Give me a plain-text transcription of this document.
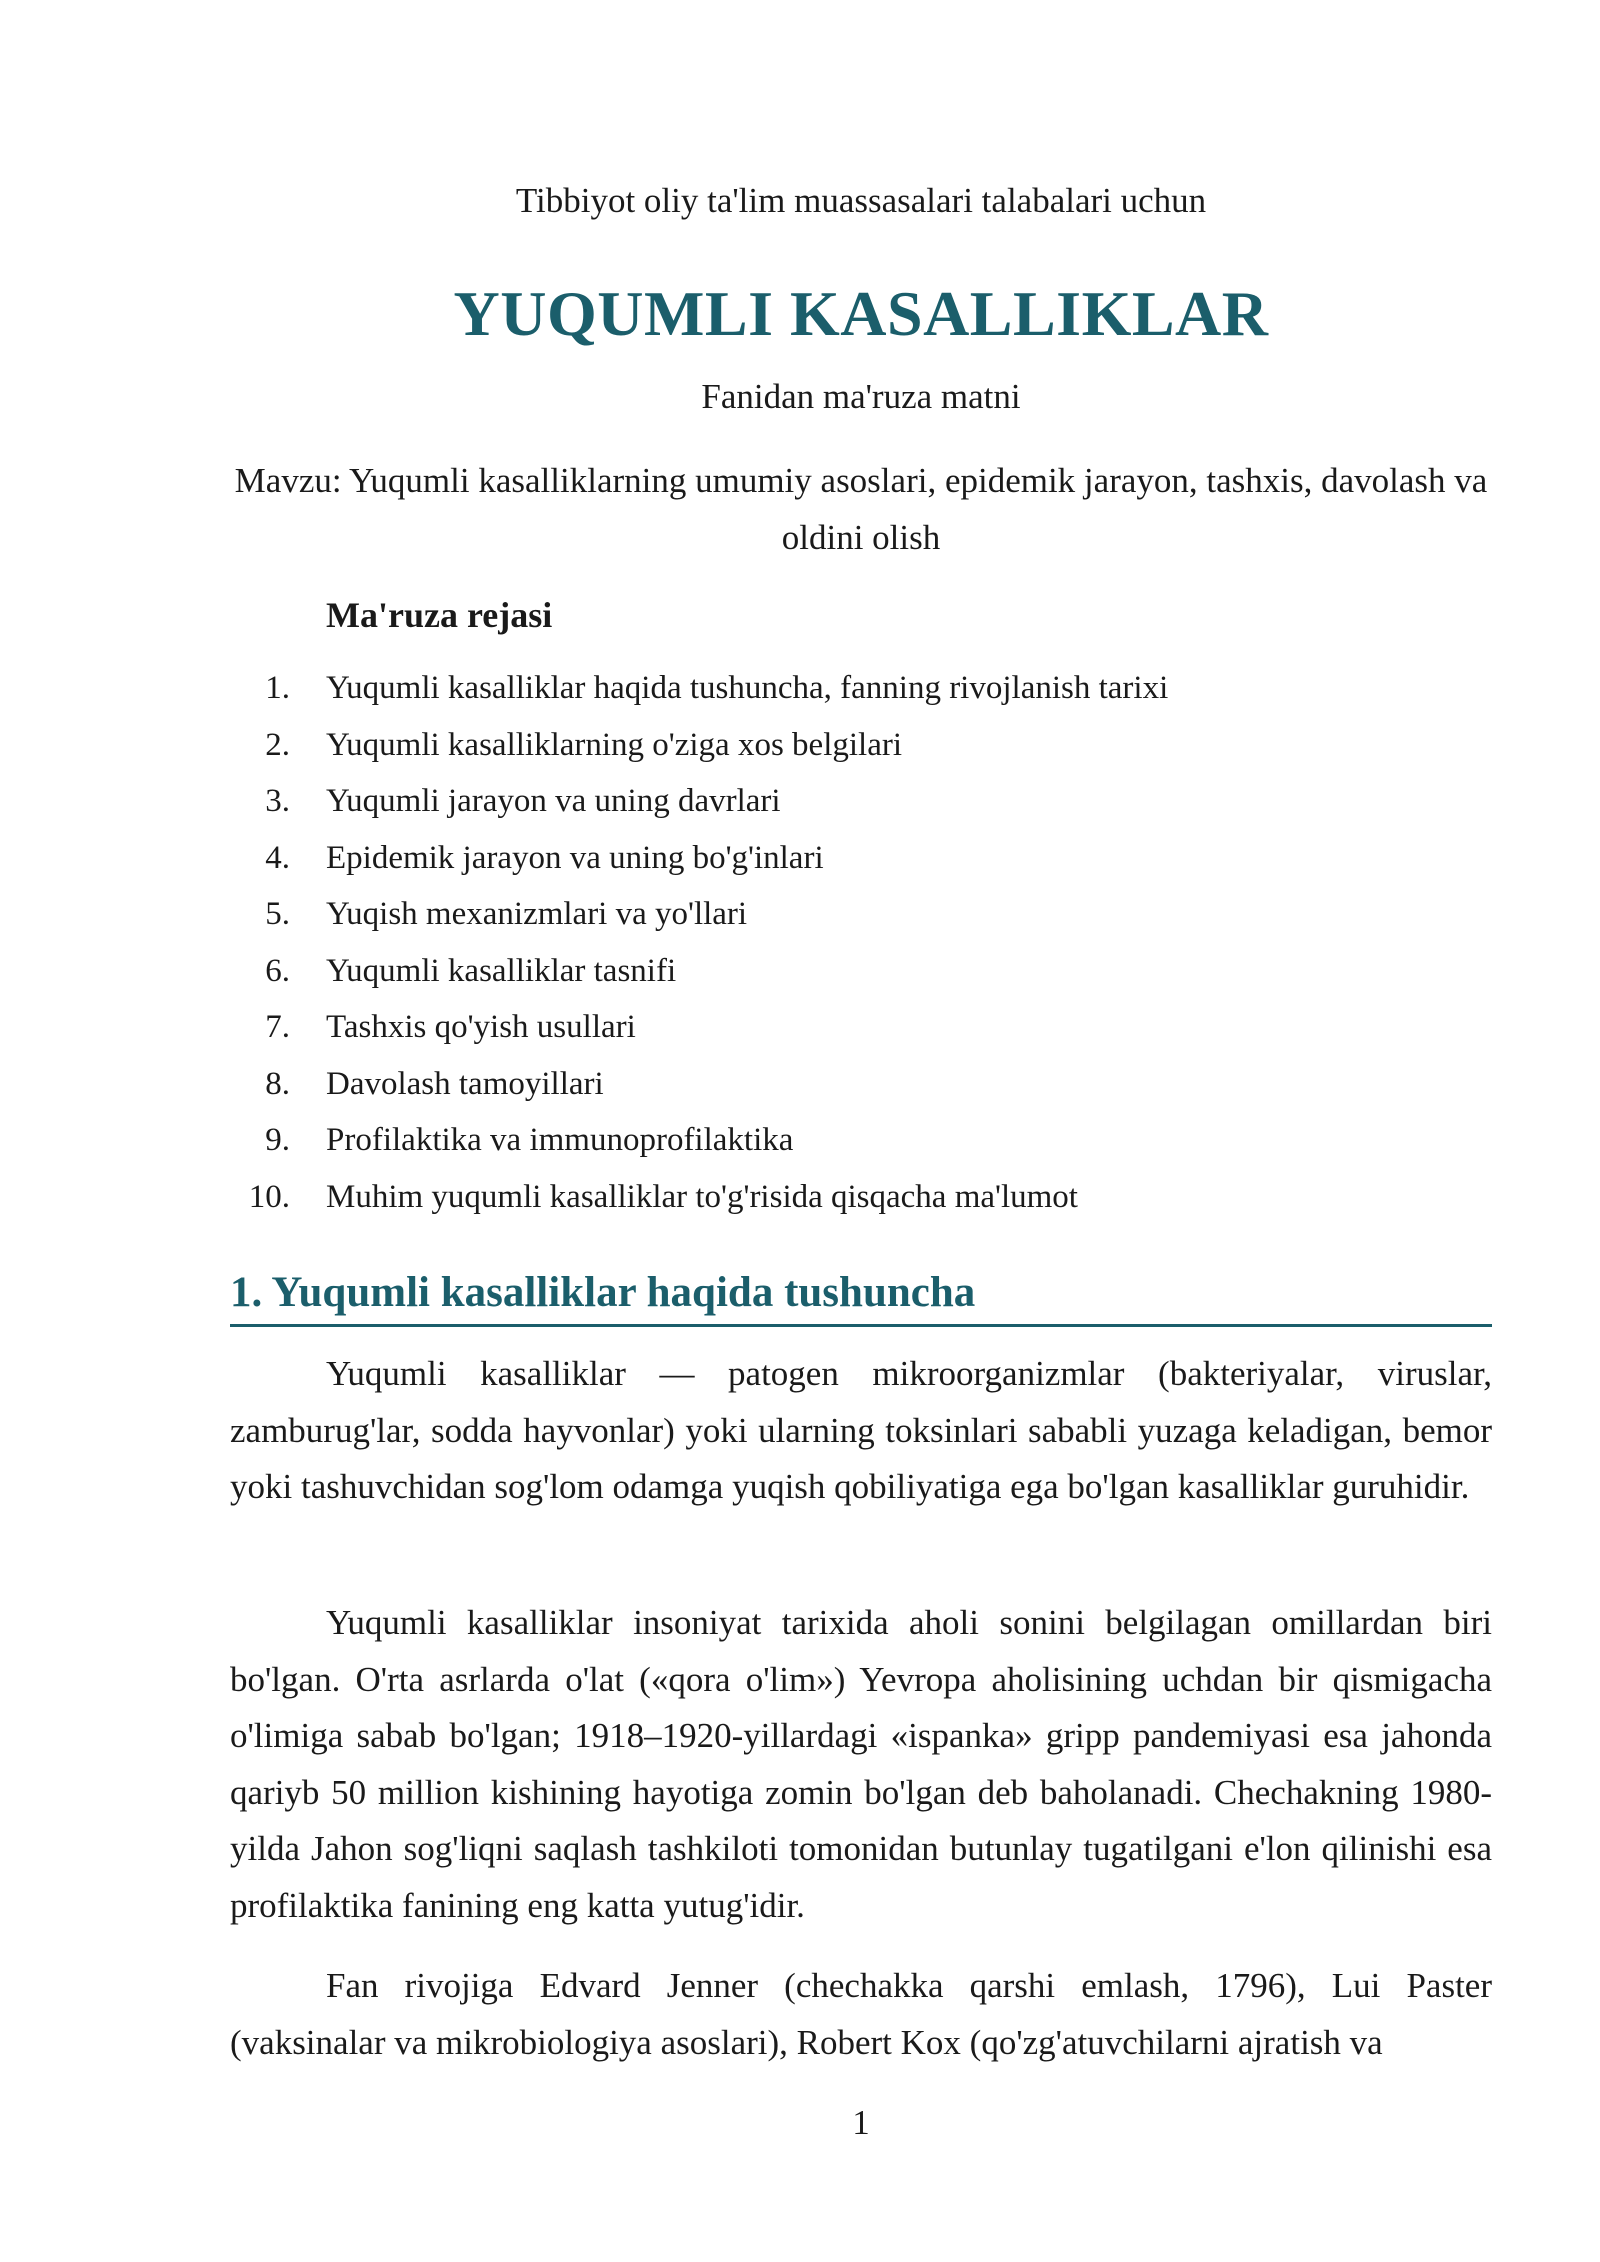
Tibbiyot oliy ta'lim muassasalari talabalari uchun
YUQUMLI KASALLIKLAR
Fanidan ma'ruza matni
Mavzu: Yuqumli kasalliklarning umumiy asoslari, epidemik jarayon, tashxis, davolash va oldini olish
Ma'ruza rejasi
1. Yuqumli kasalliklar haqida tushuncha, fanning rivojlanish tarixi
2. Yuqumli kasalliklarning o'ziga xos belgilari
3. Yuqumli jarayon va uning davrlari
4. Epidemik jarayon va uning bo'g'inlari
5. Yuqish mexanizmlari va yo'llari
6. Yuqumli kasalliklar tasnifi
7. Tashxis qo'yish usullari
8. Davolash tamoyillari
9. Profilaktika va immunoprofilaktika
10. Muhim yuqumli kasalliklar to'g'risida qisqacha ma'lumot
1. Yuqumli kasalliklar haqida tushuncha

Yuqumli kasalliklar — patogen mikroorganizmlar (bakteriyalar, viruslar, zamburug'lar, sodda hayvonlar) yoki ularning toksinlari sababli yuzaga keladigan, bemor yoki tashuvchidan sog'lom odamga yuqish qobiliyatiga ega bo'lgan kasalliklar guruhidir.

Yuqumli kasalliklar insoniyat tarixida aholi sonini belgilagan omillardan biri bo'lgan. O'rta asrlarda o'lat («qora o'lim») Yevropa aholisining uchdan bir qismigacha o'limiga sabab bo'lgan; 1918–1920-yillardagi «ispanka» gripp pandemiyasi esa jahonda qariyb 50 million kishining hayotiga zomin bo'lgan deb baholanadi. Chechakning 1980-yilda Jahon sog'liqni saqlash tashkiloti tomonidan butunlay tugatilgani e'lon qilinishi esa profilaktika fanining eng katta yutug'idir.

Fan rivojiga Edvard Jenner (chechakka qarshi emlash, 1796), Lui Paster (vaksinalar va mikrobiologiya asoslari), Robert Kox (qo'zg'atuvchilarni ajratish va

1
